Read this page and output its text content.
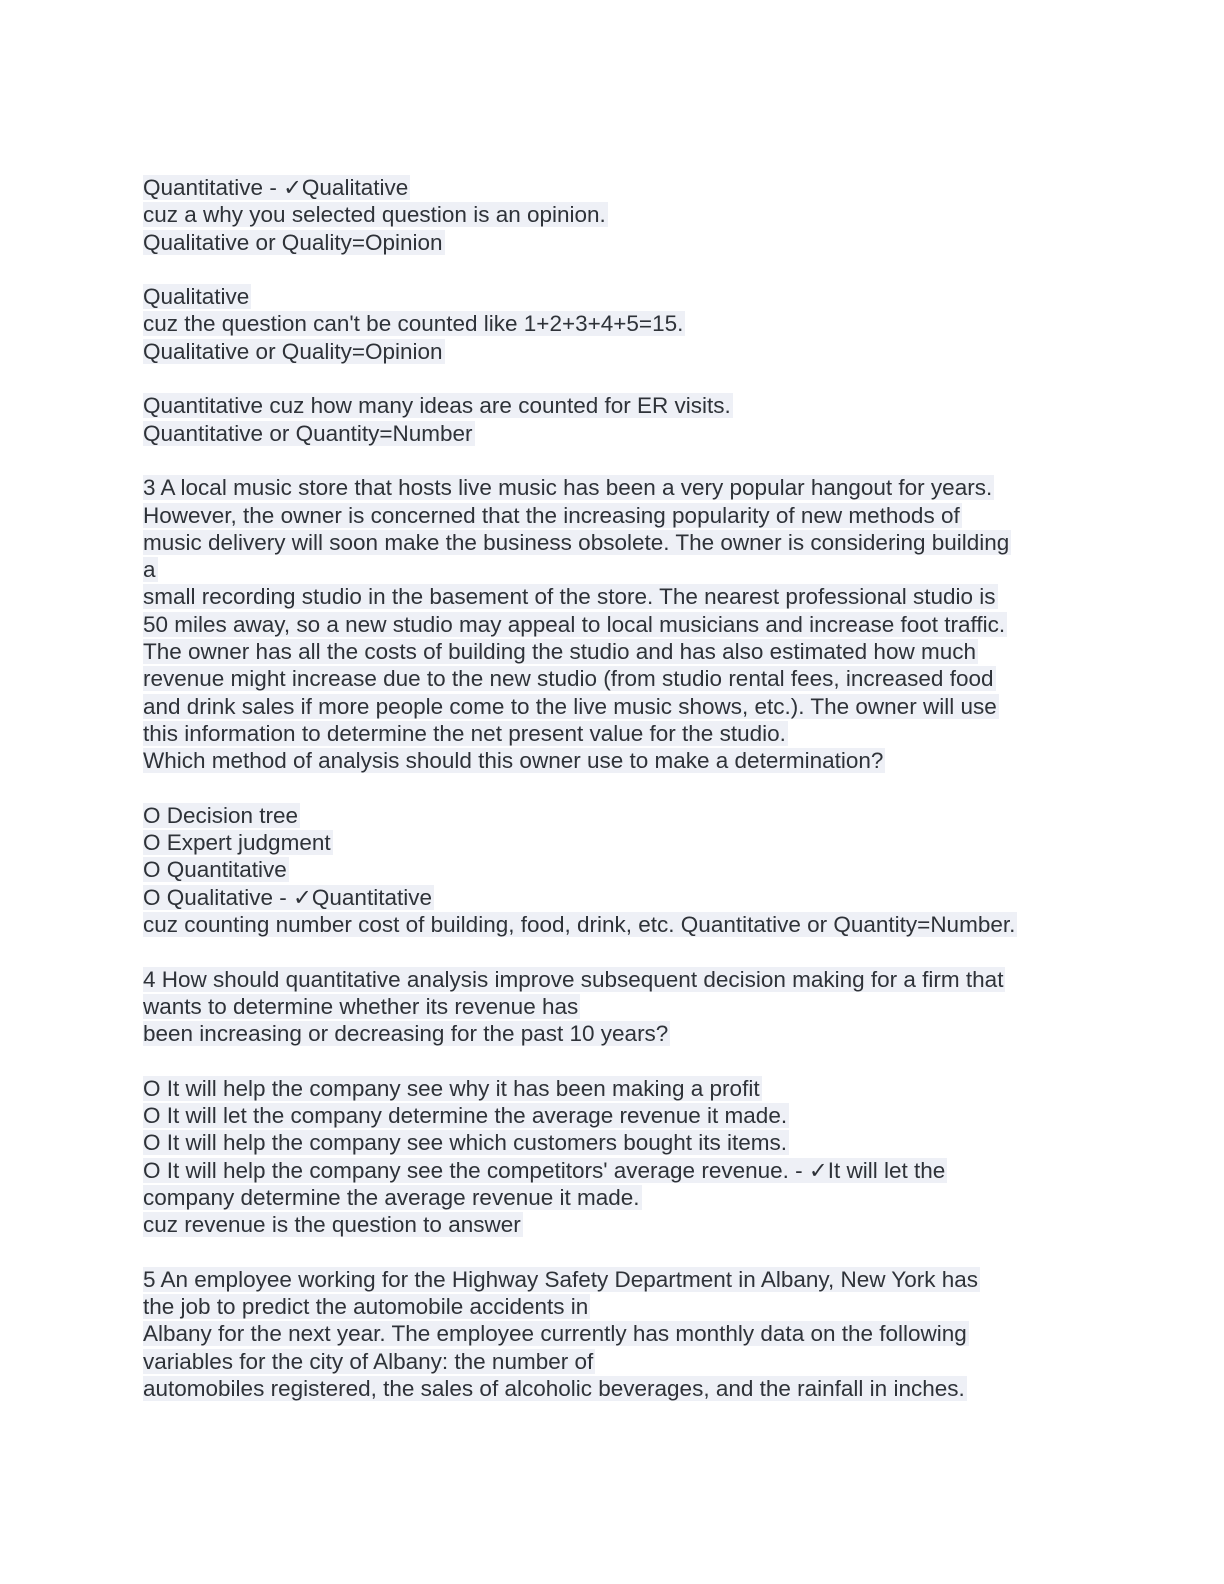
Quantitative - ✓Qualitative
cuz a why you selected question is an opinion.
Qualitative or Quality=Opinion
Qualitative
cuz the question can't be counted like 1+2+3+4+5=15.
Qualitative or Quality=Opinion
Quantitative cuz how many ideas are counted for ER visits.
Quantitative or Quantity=Number
3 A local music store that hosts live music has been a very popular hangout for years.
However, the owner is concerned that the increasing popularity of new methods of
music delivery will soon make the business obsolete. The owner is considering building
a
small recording studio in the basement of the store. The nearest professional studio is
50 miles away, so a new studio may appeal to local musicians and increase foot traffic.
The owner has all the costs of building the studio and has also estimated how much
revenue might increase due to the new studio (from studio rental fees, increased food
and drink sales if more people come to the live music shows, etc.). The owner will use
this information to determine the net present value for the studio.
Which method of analysis should this owner use to make a determination?
O Decision tree
O Expert judgment
O Quantitative
O Qualitative - ✓Quantitative
cuz counting number cost of building, food, drink, etc. Quantitative or Quantity=Number.
4 How should quantitative analysis improve subsequent decision making for a firm that
wants to determine whether its revenue has
been increasing or decreasing for the past 10 years?
O It will help the company see why it has been making a profit
O It will let the company determine the average revenue it made.
O It will help the company see which customers bought its items.
O It will help the company see the competitors' average revenue. - ✓It will let the
company determine the average revenue it made.
cuz revenue is the question to answer
5 An employee working for the Highway Safety Department in Albany, New York has
the job to predict the automobile accidents in
Albany for the next year. The employee currently has monthly data on the following
variables for the city of Albany: the number of
automobiles registered, the sales of alcoholic beverages, and the rainfall in inches.
